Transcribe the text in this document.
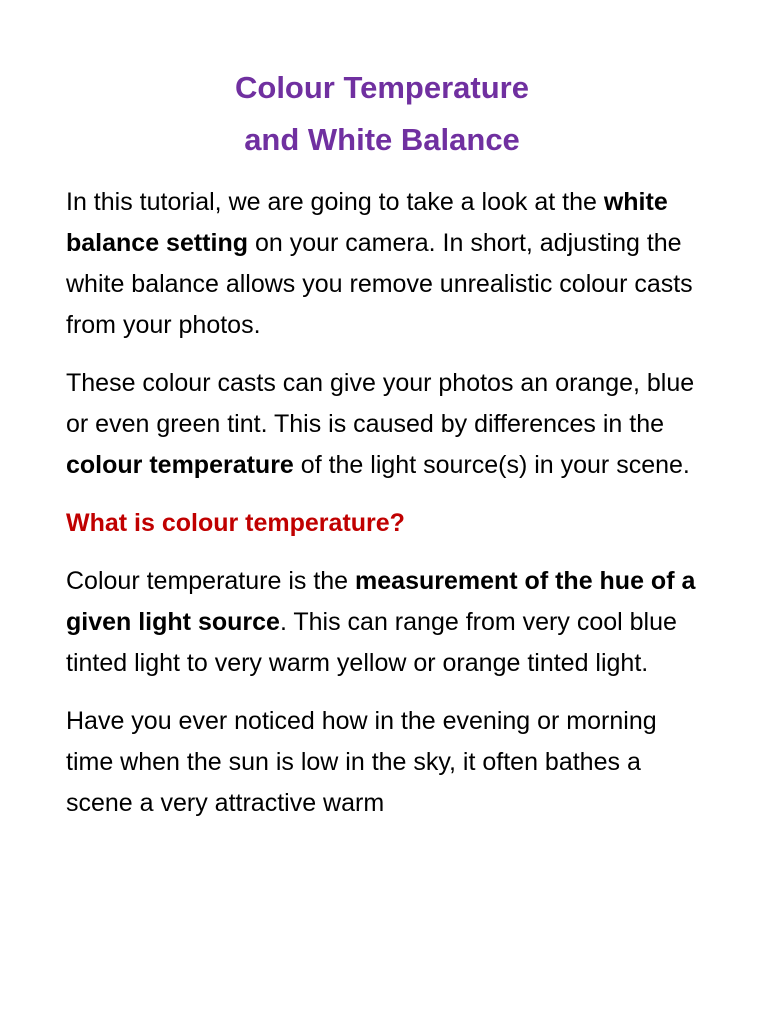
Colour Temperature
and White Balance

In this tutorial, we are going to take a look at the white balance setting on your camera. In short, adjusting the white balance allows you remove unrealistic colour casts from your photos.

These colour casts can give your photos an orange, blue or even green tint. This is caused by differences in the colour temperature of the light source(s) in your scene.

What is colour temperature?

Colour temperature is the measurement of the hue of a given light source. This can range from very cool blue tinted light to very warm yellow or orange tinted light.

Have you ever noticed how in the evening or morning time when the sun is low in the sky, it often bathes a scene a very attractive warm
